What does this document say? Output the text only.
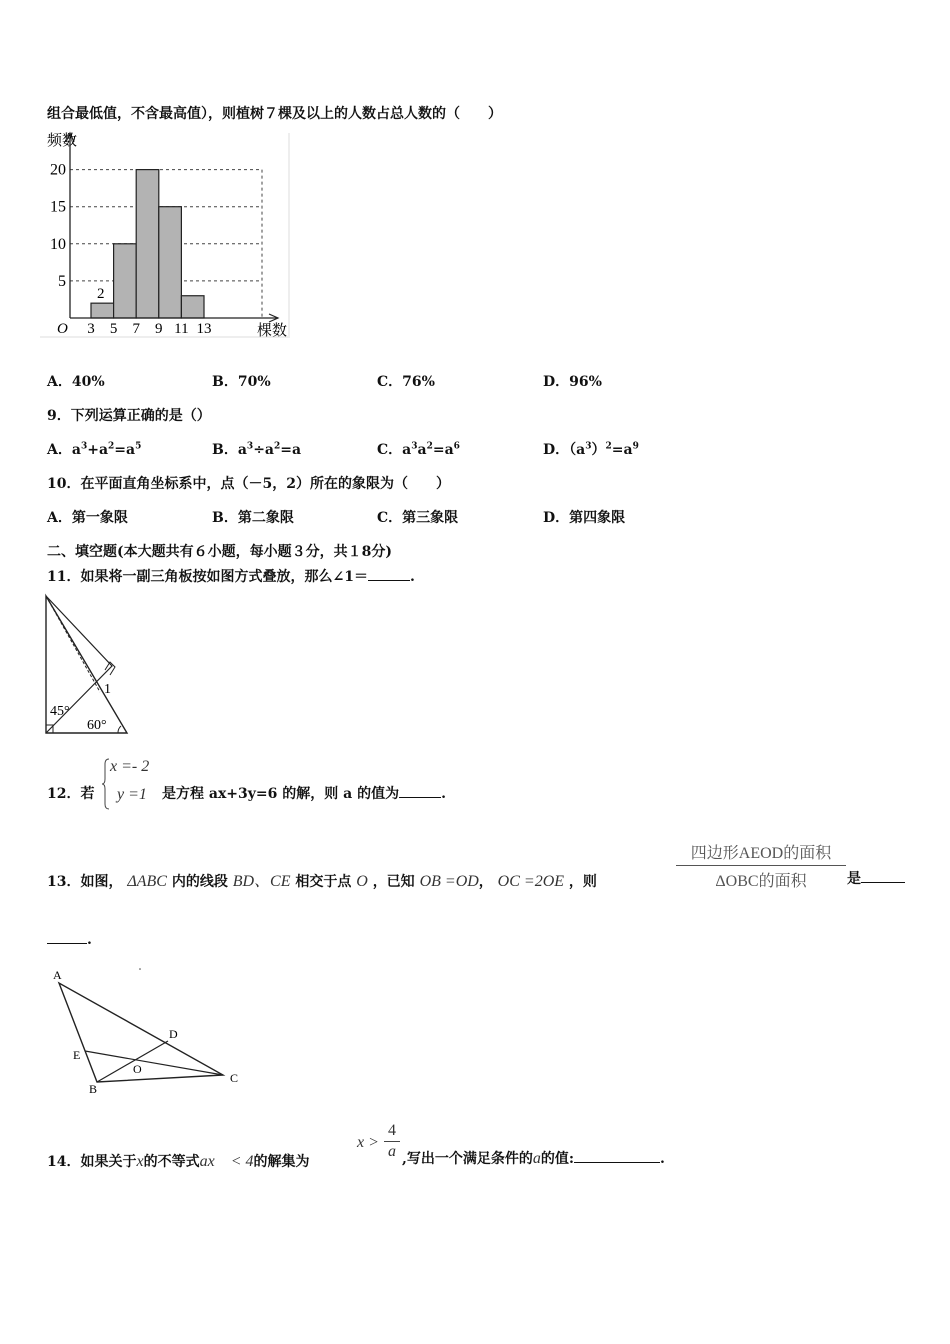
组合最低值，不含最高值），则植树７棵及以上的人数占总人数的（　　）
频数
棵数
O
5
10
15
20
3 5 7 9 11 13
2
A．40%	B．70%	C．76%	D．96%
9．下列运算正确的是（）
A．$a^3+a^2=a^5$	B．$a^3\div a^2=a$	C．$a^3a^2=a^6$	D．$(a^3)^2=a^9$
10．在平面直角坐标系中，点（－5，2）所在的象限为（　　）
A．第一象限	B．第二象限	C．第三象限	D．第四象限
二、填空题(本大题共有６小题，每小题３分，共１8分)
11．如果将一副三角板按如图方式叠放，那么∠1＝	.
45°
60°
1
12．若
x =- 2
y =1 是方程 ax+3y=6 的解，则 a 的值为	.
13．如图， ΔABC 内的线段 BD、CE 相交于点 O ，已知 OB =OD， OC =2OE ，则
四边形AEOD的面积
ΔOBC的面积	是
.
A
D
E
O
B
C
14．如果关于x的不等式ax　< 4的解集为
x >
4
a ,写出一个满足条件的a的值:	.
